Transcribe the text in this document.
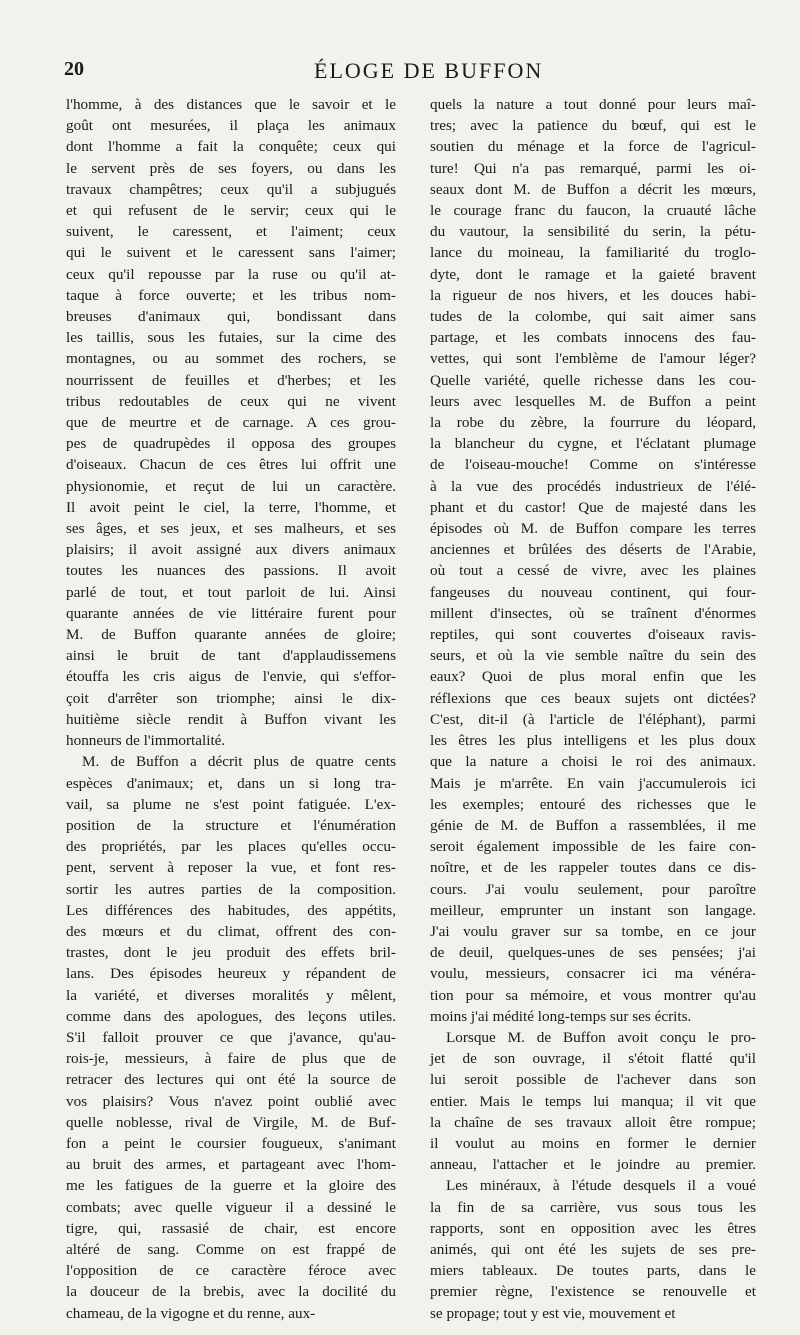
20	ÉLOGE DE BUFFON
l'homme, à des distances que le savoir et le
goût ont mesurées, il plaça les animaux
dont l'homme a fait la conquête; ceux qui
le servent près de ses foyers, ou dans les
travaux champêtres; ceux qu'il a subjugués
et qui refusent de le servir; ceux qui le
suivent, le caressent, et l'aiment; ceux
qui le suivent et le caressent sans l'aimer;
ceux qu'il repousse par la ruse ou qu'il at-
taque à force ouverte; et les tribus nom-
breuses d'animaux qui, bondissant dans
les taillis, sous les futaies, sur la cime des
montagnes, ou au sommet des rochers, se
nourrissent de feuilles et d'herbes; et les
tribus redoutables de ceux qui ne vivent
que de meurtre et de carnage. A ces grou-
pes de quadrupèdes il opposa des groupes
d'oiseaux. Chacun de ces êtres lui offrit une
physionomie, et reçut de lui un caractère.
Il avoit peint le ciel, la terre, l'homme, et
ses âges, et ses jeux, et ses malheurs, et ses
plaisirs; il avoit assigné aux divers animaux
toutes les nuances des passions. Il avoit
parlé de tout, et tout parloit de lui. Ainsi
quarante années de vie littéraire furent pour
M. de Buffon quarante années de gloire;
ainsi le bruit de tant d'applaudissemens
étouffa les cris aigus de l'envie, qui s'effor-
çoit d'arrêter son triomphe; ainsi le dix-
huitième siècle rendit à Buffon vivant les
honneurs de l'immortalité.
M. de Buffon a décrit plus de quatre cents
espèces d'animaux; et, dans un si long tra-
vail, sa plume ne s'est point fatiguée. L'ex-
position de la structure et l'énumération
des propriétés, par les places qu'elles occu-
pent, servent à reposer la vue, et font res-
sortir les autres parties de la composition.
Les différences des habitudes, des appétits,
des mœurs et du climat, offrent des con-
trastes, dont le jeu produit des effets bril-
lans. Des épisodes heureux y répandent de
la variété, et diverses moralités y mêlent,
comme dans des apologues, des leçons utiles.
S'il falloit prouver ce que j'avance, qu'au-
rois-je, messieurs, à faire de plus que de
retracer des lectures qui ont été la source de
vos plaisirs? Vous n'avez point oublié avec
quelle noblesse, rival de Virgile, M. de Buf-
fon a peint le coursier fougueux, s'animant
au bruit des armes, et partageant avec l'hom-
me les fatigues de la guerre et la gloire des
combats; avec quelle vigueur il a dessiné le
tigre, qui, rassasié de chair, est encore
altéré de sang. Comme on est frappé de
l'opposition de ce caractère féroce avec
la douceur de la brebis, avec la docilité du
chameau, de la vigogne et du renne, aux-
quels la nature a tout donné pour leurs maî-
tres; avec la patience du bœuf, qui est le
soutien du ménage et la force de l'agricul-
ture! Qui n'a pas remarqué, parmi les oi-
seaux dont M. de Buffon a décrit les mœurs,
le courage franc du faucon, la cruauté lâche
du vautour, la sensibilité du serin, la pétu-
lance du moineau, la familiarité du troglo-
dyte, dont le ramage et la gaieté bravent
la rigueur de nos hivers, et les douces habi-
tudes de la colombe, qui sait aimer sans
partage, et les combats innocens des fau-
vettes, qui sont l'emblème de l'amour léger?
Quelle variété, quelle richesse dans les cou-
leurs avec lesquelles M. de Buffon a peint
la robe du zèbre, la fourrure du léopard,
la blancheur du cygne, et l'éclatant plumage
de l'oiseau-mouche! Comme on s'intéresse
à la vue des procédés industrieux de l'élé-
phant et du castor! Que de majesté dans les
épisodes où M. de Buffon compare les terres
anciennes et brûlées des déserts de l'Arabie,
où tout a cessé de vivre, avec les plaines
fangeuses du nouveau continent, qui four-
millent d'insectes, où se traînent d'énormes
reptiles, qui sont couvertes d'oiseaux ravis-
seurs, et où la vie semble naître du sein des
eaux? Quoi de plus moral enfin que les
réflexions que ces beaux sujets ont dictées?
C'est, dit-il (à l'article de l'éléphant), parmi
les êtres les plus intelligens et les plus doux
que la nature a choisi le roi des animaux.
Mais je m'arrête. En vain j'accumulerois ici
les exemples; entouré des richesses que le
génie de M. de Buffon a rassemblées, il me
seroit également impossible de les faire con-
noître, et de les rappeler toutes dans ce dis-
cours. J'ai voulu seulement, pour paroître
meilleur, emprunter un instant son langage.
J'ai voulu graver sur sa tombe, en ce jour
de deuil, quelques-unes de ses pensées; j'ai
voulu, messieurs, consacrer ici ma vénéra-
tion pour sa mémoire, et vous montrer qu'au
moins j'ai médité long-temps sur ses écrits.
Lorsque M. de Buffon avoit conçu le pro-
jet de son ouvrage, il s'étoit flatté qu'il
lui seroit possible de l'achever dans son
entier. Mais le temps lui manqua; il vit que
la chaîne de ses travaux alloit être rompue;
il voulut au moins en former le dernier
anneau, l'attacher et le joindre au premier.
Les minéraux, à l'étude desquels il a voué
la fin de sa carrière, vus sous tous les
rapports, sont en opposition avec les êtres
animés, qui ont été les sujets de ses pre-
miers tableaux. De toutes parts, dans le
premier règne, l'existence se renouvelle et
se propage; tout y est vie, mouvement et
